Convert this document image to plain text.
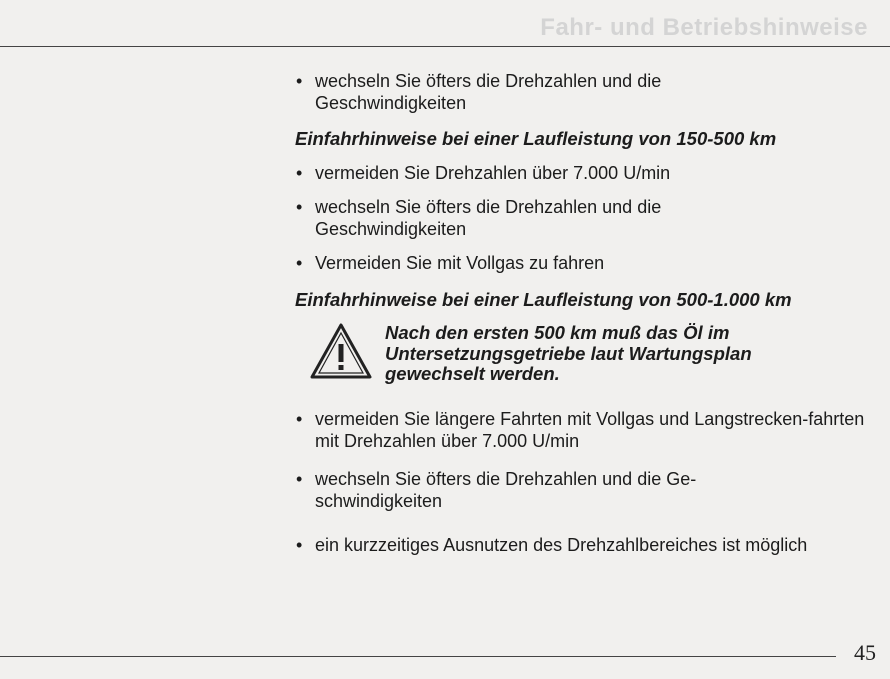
Fahr- und Betriebshinweise
• wechseln Sie öfters die Drehzahlen und die Geschwindigkeiten
Einfahrhinweise bei einer Laufleistung von 150-500 km
• vermeiden Sie Drehzahlen über 7.000 U/min
• wechseln Sie öfters die Drehzahlen und die Geschwindigkeiten
• Vermeiden Sie mit Vollgas zu fahren
Einfahrhinweise bei einer Laufleistung von 500-1.000 km
Nach den ersten 500 km muß das Öl im Untersetzungsgetriebe laut Wartungsplan gewechselt werden.
• vermeiden Sie längere Fahrten mit Vollgas und Langstrecken-fahrten mit Drehzahlen über 7.000 U/min
• wechseln Sie öfters die Drehzahlen und die Ge-schwindigkeiten
• ein kurzzeitiges Ausnutzen des Drehzahlbereiches ist möglich
45
